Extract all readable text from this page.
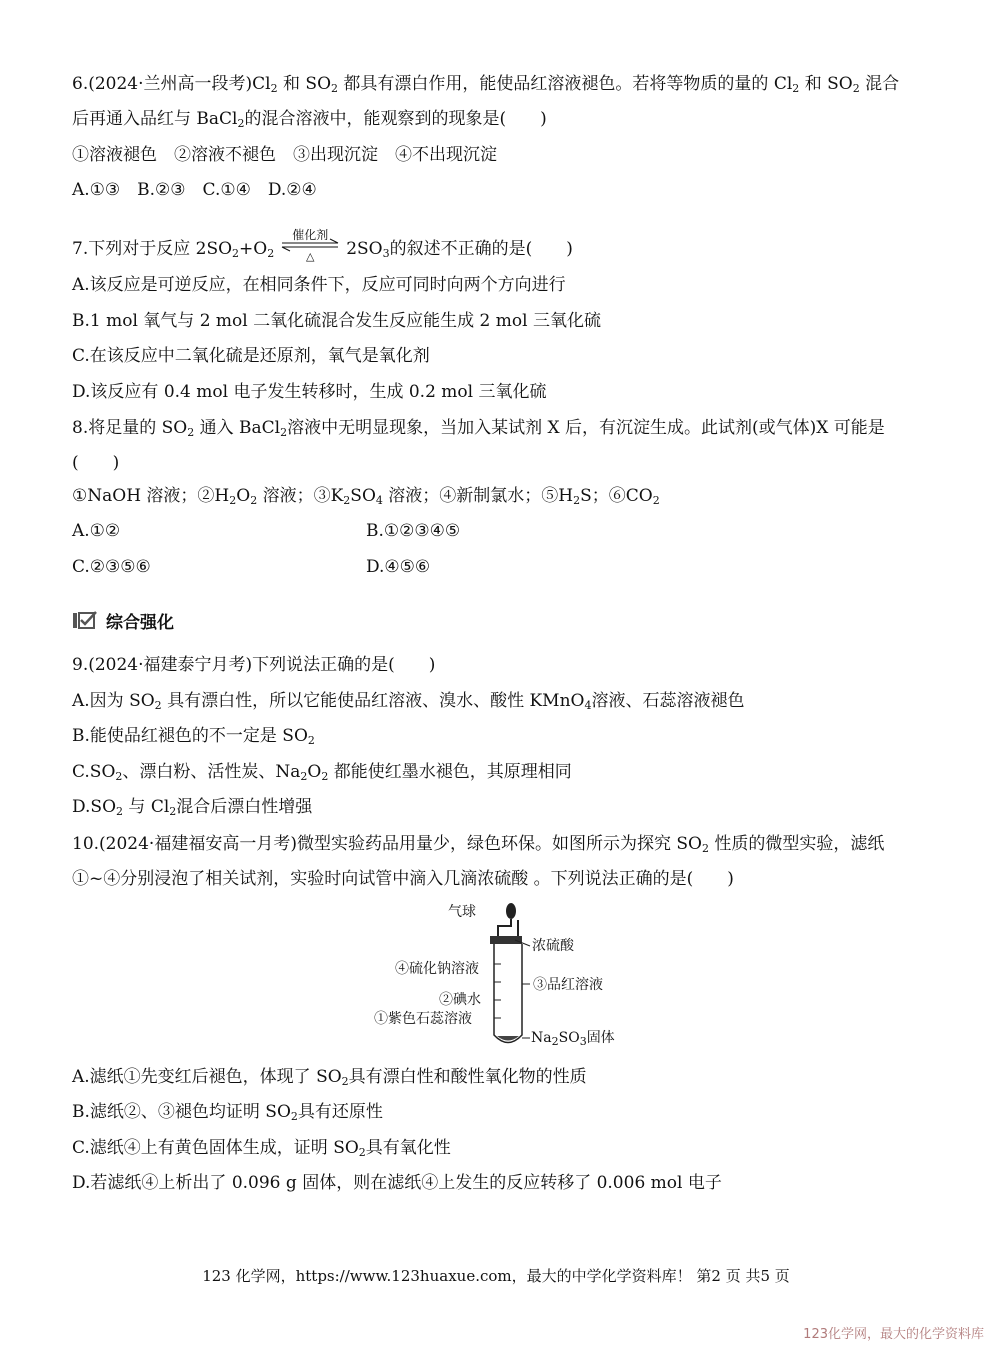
6.(2024·兰州高一段考)$Cl_2$ 和 $SO_2$ 都具有漂白作用，能使品红溶液褪色。若将等物质的量的 $Cl_2$ 和 $SO_2$ 混合
后再通入品红与 BaCl$_2$的混合溶液中，能观察到的现象是(　　)
①溶液褪色　②溶液不褪色　③出现沉淀　④不出现沉淀
A.①③　B.②③　C.①④　D.②④
7.下列对于反应 $2SO_2+O_2$
催化剂
△	$2SO_3$的叙述不正确的是(　　)
A.该反应是可逆反应，在相同条件下，反应可同时向两个方向进行
B.1 mol 氧气与 2 mol 二氧化硫混合发生反应能生成 2 mol 三氧化硫
C.在该反应中二氧化硫是还原剂，氧气是氧化剂
D.该反应有 0.4 mol 电子发生转移时，生成 0.2 mol 三氧化硫
8.将足量的 $SO_2$ 通入 BaCl$_2$溶液中无明显现象，当加入某试剂 X 后，有沉淀生成。此试剂(或气体)X 可能是
(　　)
①NaOH 溶液；$②H_2O_2$ 溶液；$③K_2SO_4$ 溶液；④新制氯水；$⑤H_2S$；$⑥CO_2$
A.①②	B.①②③④⑤
C.②③⑤⑥	D.④⑤⑥
综合强化
9.(2024·福建泰宁月考)下列说法正确的是(　　)
A.因为 $SO_2$ 具有漂白性，所以它能使品红溶液、溴水、酸性 KMnO$_4$溶液、石蕊溶液褪色
B.能使品红褪色的不一定是 $SO_2$
$C.SO_2$、漂白粉、活性炭、$Na_2O_2$ 都能使红墨水褪色，其原理相同
$D.SO_2$ 与 $Cl_2$混合后漂白性增强
10.(2024·福建福安高一月考)微型实验药品用量少，绿色环保。如图所示为探究 $SO_2$ 性质的微型实验，滤纸
①~④分别浸泡了相关试剂，实验时向试管中滴入几滴浓硫酸 。下列说法正确的是(　　)
气球
浓硫酸
④硫化钠溶液
③品红溶液
②碘水
①紫色石蕊溶液
$Na_2SO_3$固体
A.滤纸①先变红后褪色，体现了 $SO_2$具有漂白性和酸性氧化物的性质
B.滤纸②、③褪色均证明 $SO_2$具有还原性
C.滤纸④上有黄色固体生成，证明 $SO_2$具有氧化性
D.若滤纸④上析出了 0.096 g 固体，则在滤纸④上发生的反应转移了 0.006 mol 电子
123 化学网，https://www.123huaxue.com，最大的中学化学资料库！ 第2 页 共5 页
123化学网，最大的化学资料库
